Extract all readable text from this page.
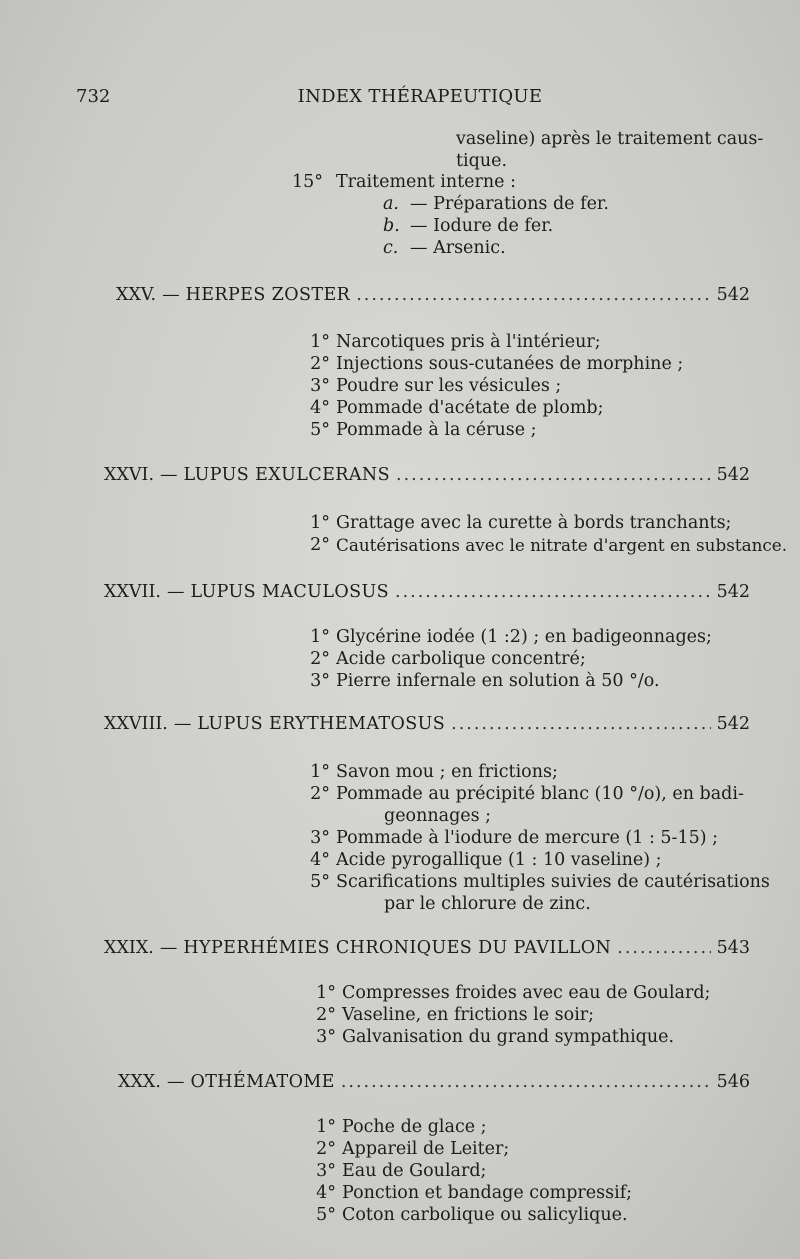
732	INDEX THÉRAPEUTIQUE
vaseline) après le traitement caus-
tique.
15° Traitement interne :
a. — Préparations de fer.
b. — Iodure de fer.
c. — Arsenic.
XXV. — HERPES ZOSTER .....	542
1° Narcotiques pris à l'intérieur;
2° Injections sous-cutanées de morphine ;
3° Poudre sur les vésicules ;
4° Pommade d'acétate de plomb;
5° Pommade à la céruse ;
XXVI. — LUPUS EXULCERANS .....	542
1° Grattage avec la curette à bords tranchants;
2° Cautérisations avec le nitrate d'argent en substance.
XXVII. — LUPUS MACULOSUS .....	542
1° Glycérine iodée (1 :2) ; en badigeonnages;
2° Acide carbolique concentré;
3° Pierre infernale en solution à 50 °/o.
XXVIII. — LUPUS ERYTHEMATOSUS .....	542
1° Savon mou ; en frictions;
2° Pommade au précipité blanc (10 °/o), en badi-
geonnages ;
3° Pommade à l'iodure de mercure (1 : 5-15) ;
4° Acide pyrogallique (1 : 10 vaseline) ;
5° Scarifications multiples suivies de cautérisations
par le chlorure de zinc.
XXIX. — HYPERHÉMIES CHRONIQUES DU PAVILLON .....	543
1° Compresses froides avec eau de Goulard;
2° Vaseline, en frictions le soir;
3° Galvanisation du grand sympathique.
XXX. — OTHÉMATOME .....	546
1° Poche de glace ;
2° Appareil de Leiter;
3° Eau de Goulard;
4° Ponction et bandage compressif;
5° Coton carbolique ou salicylique.
